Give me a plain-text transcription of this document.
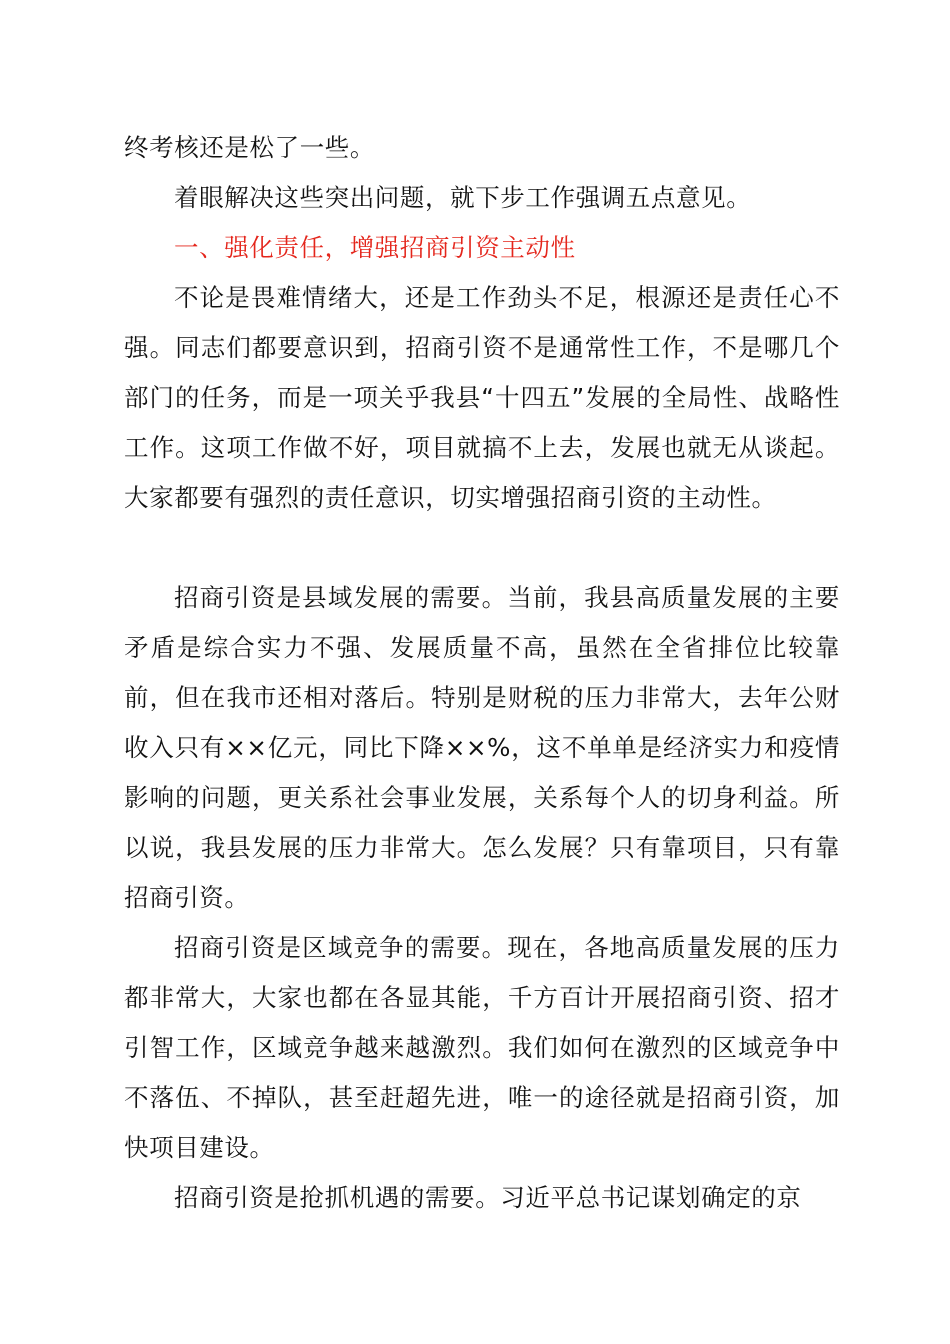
终考核还是松了一些。

着眼解决这些突出问题，就下步工作强调五点意见。

一、强化责任，增强招商引资主动性

不论是畏难情绪大，还是工作劲头不足，根源还是责任心不强。同志们都要意识到，招商引资不是通常性工作，不是哪几个部门的任务，而是一项关乎我县“十四五”发展的全局性、战略性工作。这项工作做不好，项目就搞不上去，发展也就无从谈起。大家都要有强烈的责任意识，切实增强招商引资的主动性。

招商引资是县域发展的需要。当前，我县高质量发展的主要矛盾是综合实力不强、发展质量不高，虽然在全省排位比较靠前，但在我市还相对落后。特别是财税的压力非常大，去年公财收入只有××亿元，同比下降××%，这不单单是经济实力和疫情影响的问题，更关系社会事业发展，关系每个人的切身利益。所以说，我县发展的压力非常大。怎么发展？只有靠项目，只有靠招商引资。

招商引资是区域竞争的需要。现在，各地高质量发展的压力都非常大，大家也都在各显其能，千方百计开展招商引资、招才引智工作，区域竞争越来越激烈。我们如何在激烈的区域竞争中不落伍、不掉队，甚至赶超先进，唯一的途径就是招商引资，加快项目建设。

招商引资是抢抓机遇的需要。习近平总书记谋划确定的京
